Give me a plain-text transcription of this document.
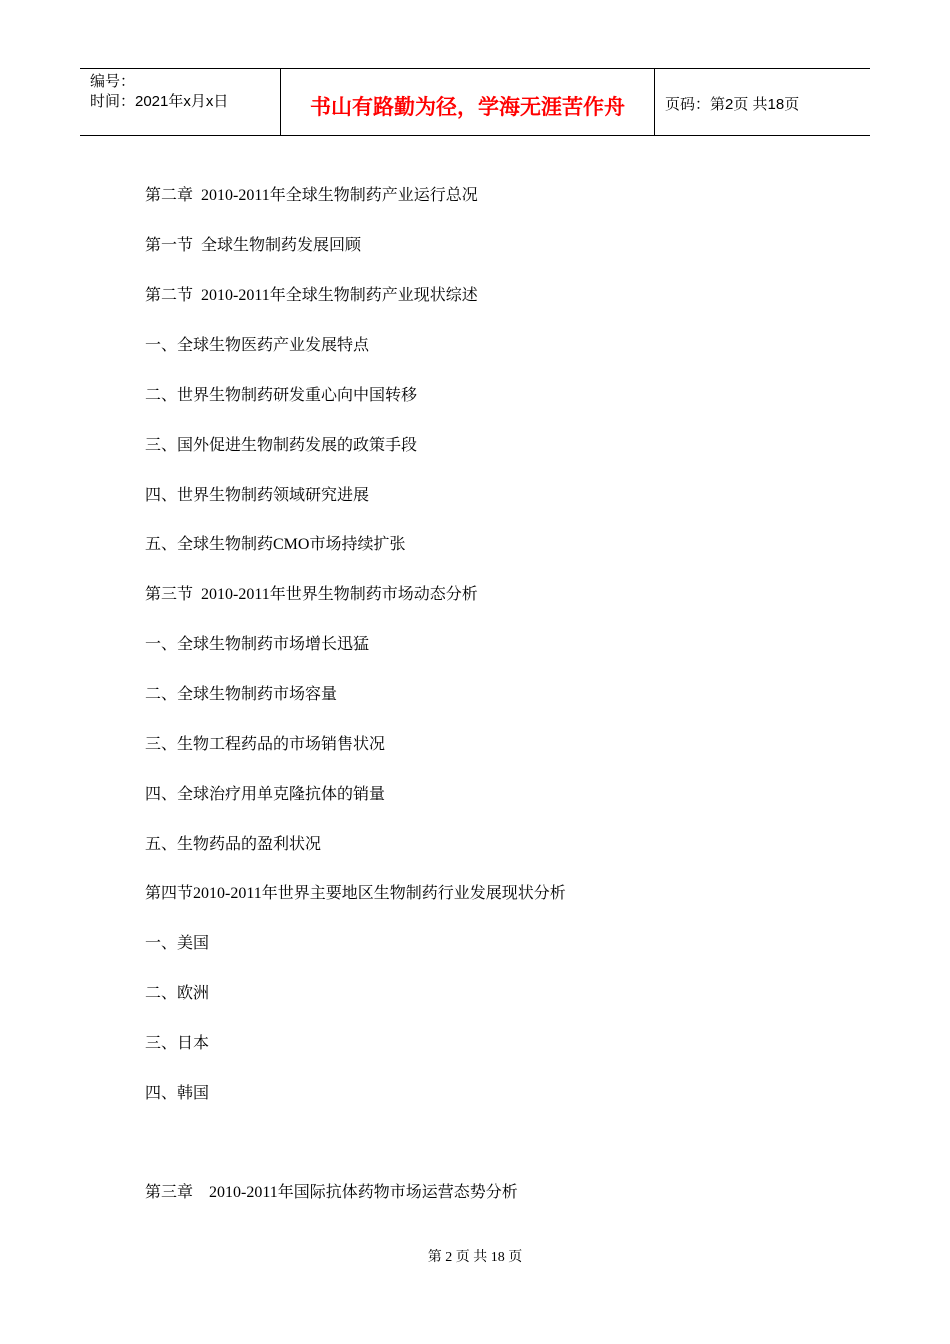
编号：
时间：2021年x月x日	书山有路勤为径，学海无涯苦作舟	页码：第2页 共18页
第二章  2010-2011年全球生物制药产业运行总况
第一节  全球生物制药发展回顾
第二节  2010-2011年全球生物制药产业现状综述
一、全球生物医药产业发展特点
二、世界生物制药研发重心向中国转移
三、国外促进生物制药发展的政策手段
四、世界生物制药领域研究进展
五、全球生物制药CMO市场持续扩张
第三节  2010-2011年世界生物制药市场动态分析
一、全球生物制药市场增长迅猛
二、全球生物制药市场容量
三、生物工程药品的市场销售状况
四、全球治疗用单克隆抗体的销量
五、生物药品的盈利状况
第四节2010-2011年世界主要地区生物制药行业发展现状分析
一、美国
二、欧洲
三、日本
四、韩国
第三章    2010-2011年国际抗体药物市场运营态势分析
第 2 页 共 18 页
